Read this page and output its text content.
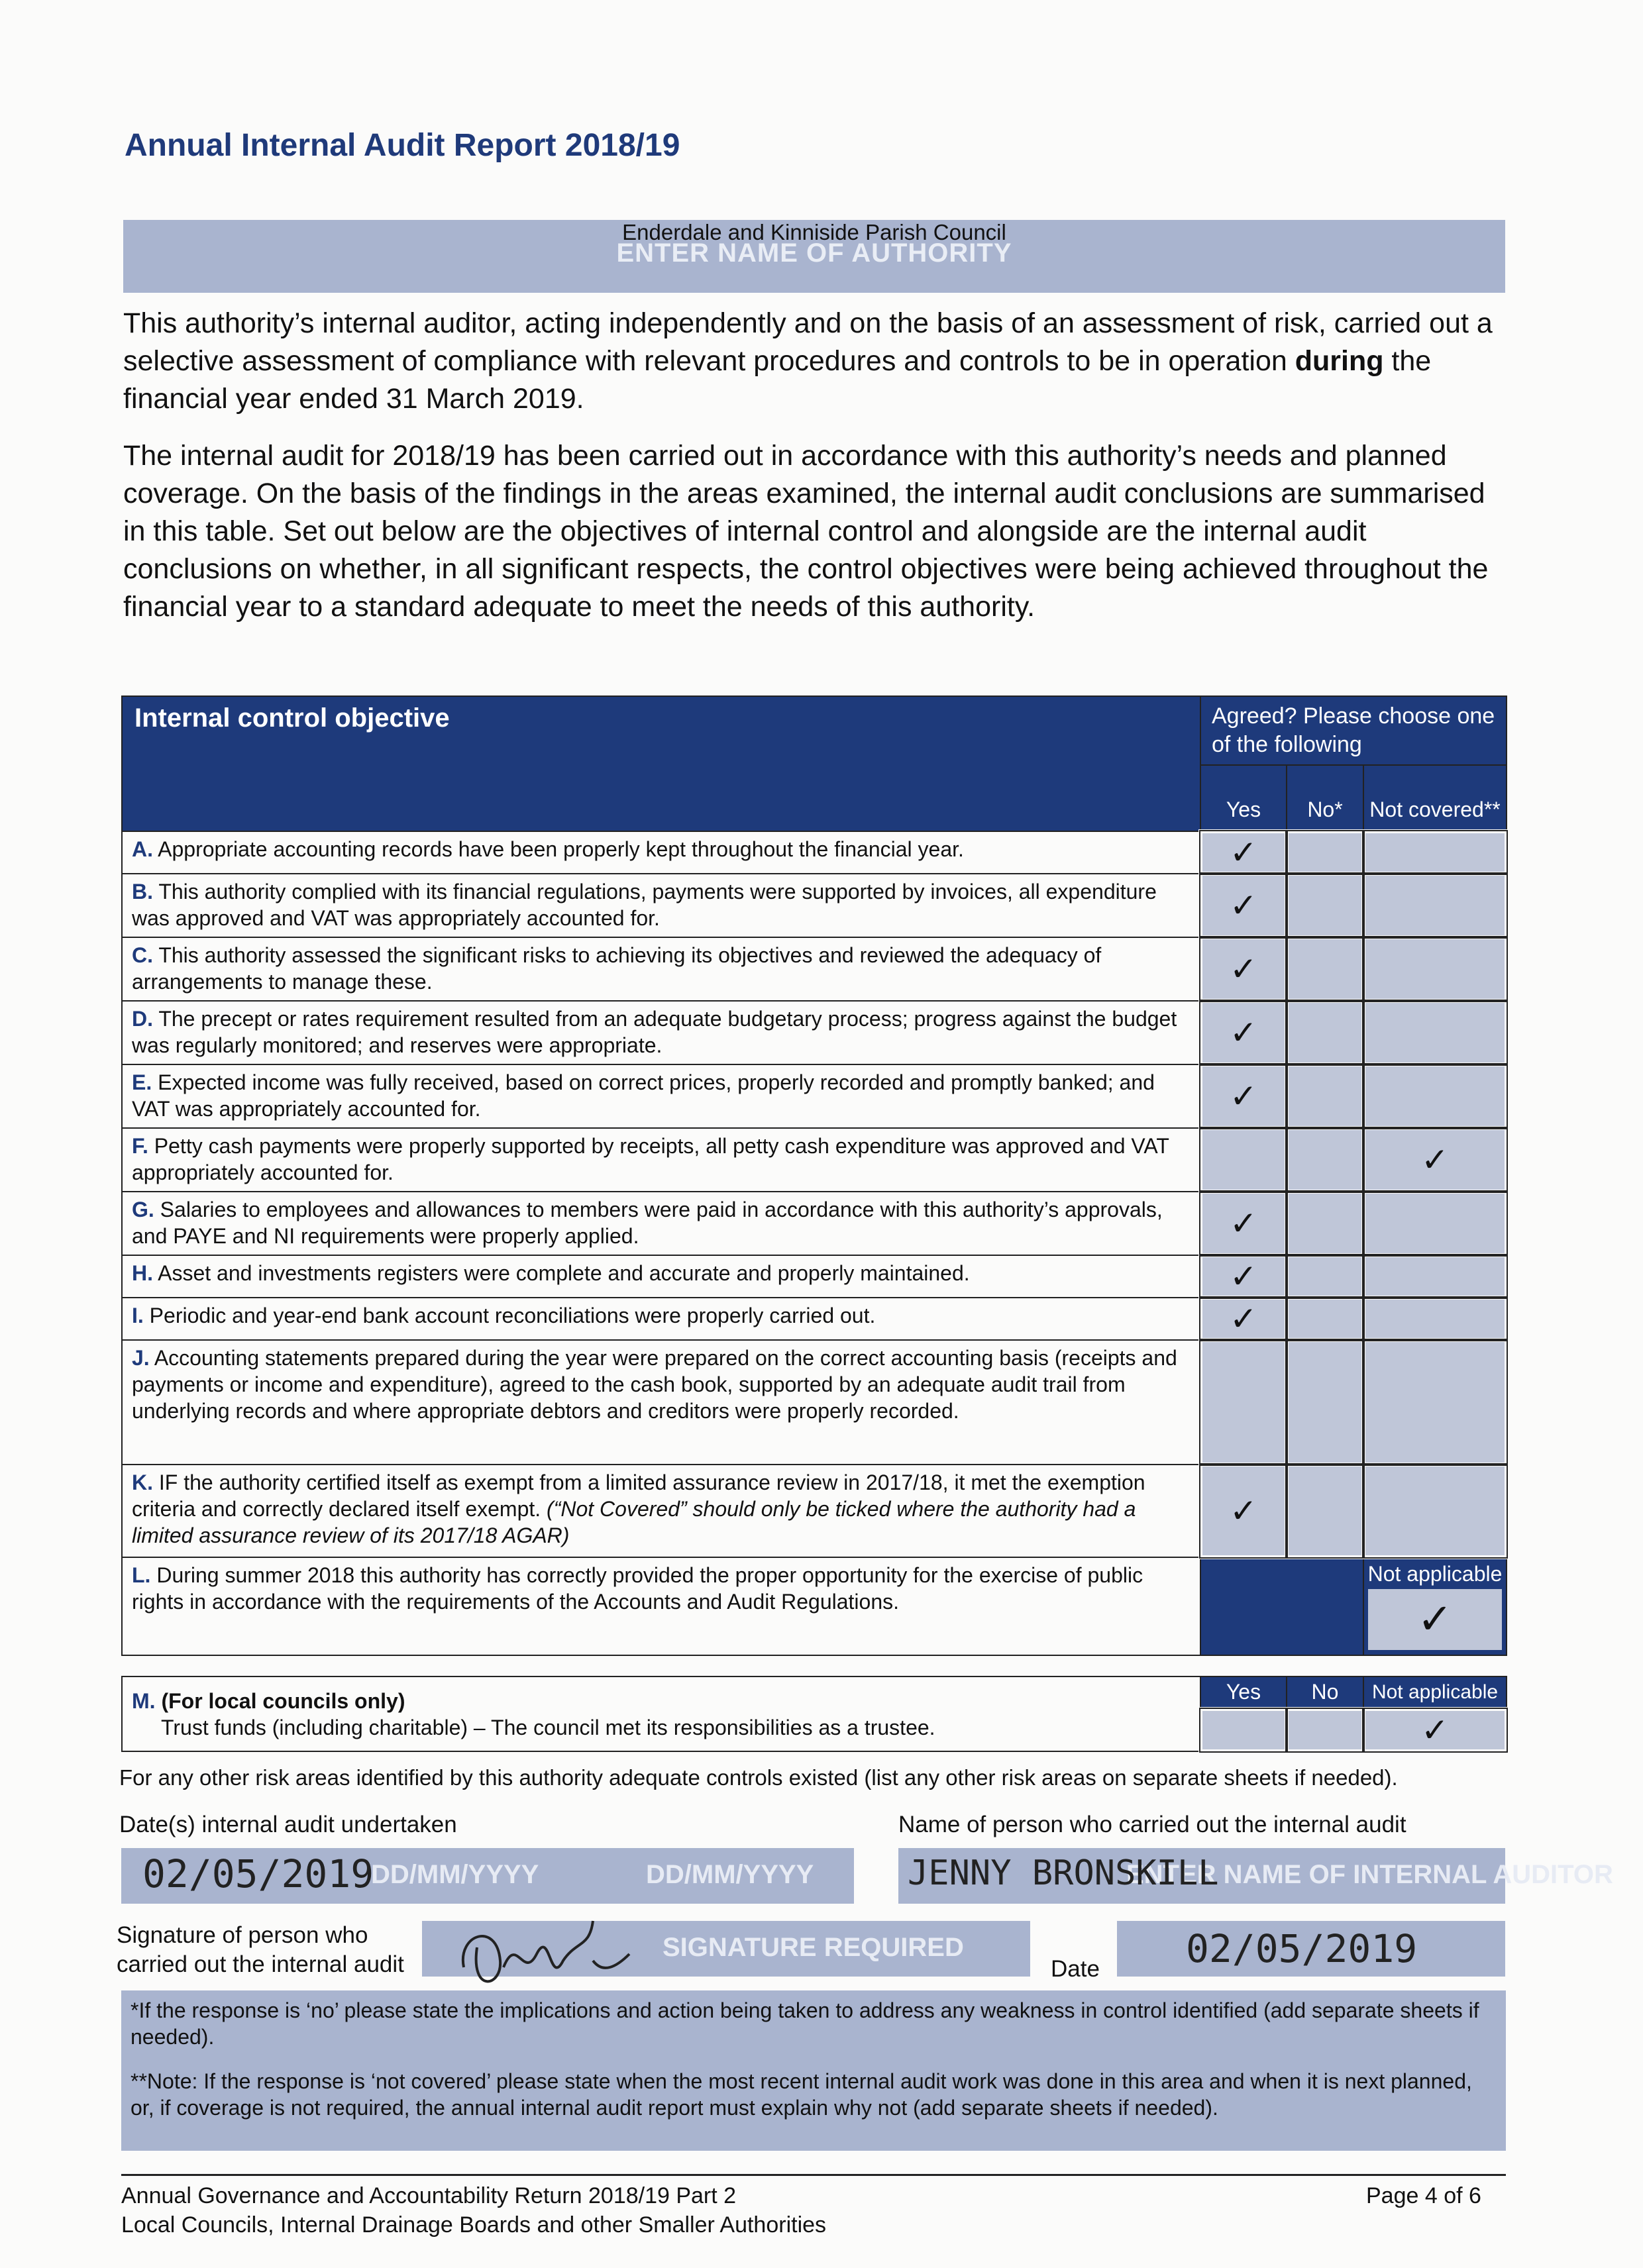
Annual Internal Audit Report 2018/19
ENTER NAME OF AUTHORITY
Enderdale and Kinniside Parish Council
This authority’s internal auditor, acting independently and on the basis of an assessment of risk, carried out a selective assessment of compliance with relevant procedures and controls to be in operation during the financial year ended 31 March 2019.
The internal audit for 2018/19 has been carried out in accordance with this authority’s needs and planned coverage. On the basis of the findings in the areas examined, the internal audit conclusions are summarised in this table. Set out below are the objectives of internal control and alongside are the internal audit conclusions on whether, in all significant respects, the control objectives were being achieved throughout the financial year to a standard adequate to meet the needs of this authority.
Internal control objective	Agreed? Please choose one of the following		
	Yes	No*	Not covered**
A. Appropriate accounting records have been properly kept throughout the financial year.	✓		
B. This authority complied with its financial regulations, payments were supported by invoices, all expenditure was approved and VAT was appropriately accounted for.	✓		
C. This authority assessed the significant risks to achieving its objectives and reviewed the adequacy of arrangements to manage these.	✓		
D. The precept or rates requirement resulted from an adequate budgetary process; progress against the budget was regularly monitored; and reserves were appropriate.	✓		
E. Expected income was fully received, based on correct prices, properly recorded and promptly banked; and VAT was appropriately accounted for.	✓		
F. Petty cash payments were properly supported by receipts, all petty cash expenditure was approved and VAT appropriately accounted for.			✓
G. Salaries to employees and allowances to members were paid in accordance with this authority’s approvals, and PAYE and NI requirements were properly applied.	✓		
H. Asset and investments registers were complete and accurate and properly maintained.	✓		
I. Periodic and year-end bank account reconciliations were properly carried out.	✓		
J. Accounting statements prepared during the year were prepared on the correct accounting basis (receipts and payments or income and expenditure), agreed to the cash book, supported by an adequate audit trail from underlying records and where appropriate debtors and creditors were properly recorded.			
K. IF the authority certified itself as exempt from a limited assurance review in 2017/18, it met the exemption criteria and correctly declared itself exempt. (“Not Covered” should only be ticked where the authority had a limited assurance review of its 2017/18 AGAR)	✓		
L. During summer 2018 this authority has correctly provided the proper opportunity for the exercise of public rights in accordance with the requirements of the Accounts and Audit Regulations.			Not applicable
✓
M. (For local councils only)
Trust funds (including charitable) – The council met its responsibilities as a trustee.	Yes	No	Not applicable
			✓
For any other risk areas identified by this authority adequate controls existed (list any other risk areas on separate sheets if needed).
Date(s) internal audit undertaken
DD/MM/YYYY	DD/MM/YYYY
02/05/2019
Name of person who carried out the internal audit
ENTER NAME OF INTERNAL AUDITOR
JENNY BRONSKILL
Signature of person who
carried out the internal audit
SIGNATURE REQUIRED
Date 02/05/2019
*If the response is ‘no’ please state the implications and action being taken to address any weakness in control identified (add separate sheets if needed).
**Note: If the response is ‘not covered’ please state when the most recent internal audit work was done in this area and when it is next planned, or, if coverage is not required, the annual internal audit report must explain why not (add separate sheets if needed).
Annual Governance and Accountability Return 2018/19 Part 2
Local Councils, Internal Drainage Boards and other Smaller Authorities
Page 4 of 6
